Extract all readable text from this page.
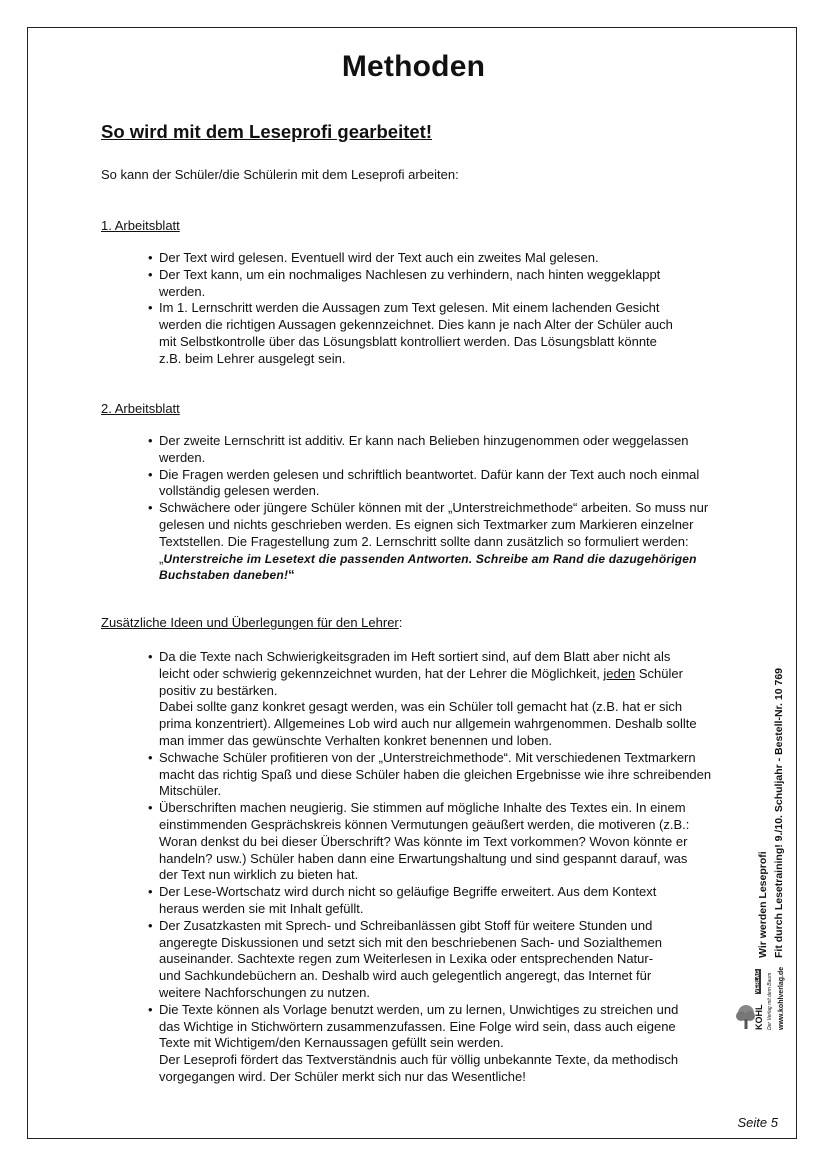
Methoden
So wird mit dem Leseprofi gearbeitet!
So kann der Schüler/die Schülerin mit dem Leseprofi arbeiten:
1. Arbeitsblatt
• Der Text wird gelesen. Eventuell wird der Text auch ein zweites Mal gelesen.
• Der Text kann, um ein nochmaliges Nachlesen zu verhindern, nach hinten weggeklappt
werden.
• Im 1. Lernschritt werden die Aussagen zum Text gelesen. Mit einem lachenden Gesicht
werden die richtigen Aussagen gekennzeichnet. Dies kann je nach Alter der Schüler auch
mit Selbstkontrolle über das Lösungsblatt kontrolliert werden. Das Lösungsblatt könnte
z.B. beim Lehrer ausgelegt sein.
2. Arbeitsblatt
• Der zweite Lernschritt ist additiv. Er kann nach Belieben hinzugenommen oder weggelassen
werden.
• Die Fragen werden gelesen und schriftlich beantwortet. Dafür kann der Text auch noch einmal
vollständig gelesen werden.
• Schwächere oder jüngere Schüler können mit der „Unterstreichmethode“ arbeiten. So muss nur
gelesen und nichts geschrieben werden. Es eignen sich Textmarker zum Markieren einzelner
Textstellen. Die Fragestellung zum 2. Lernschritt sollte dann zusätzlich so formuliert werden:
„Unterstreiche im Lesetext die passenden Antworten. Schreibe am Rand die dazugehörigen
Buchstaben daneben!“
Zusätzliche Ideen und Überlegungen für den Lehrer:
• Da die Texte nach Schwierigkeitsgraden im Heft sortiert sind, auf dem Blatt aber nicht als
leicht oder schwierig gekennzeichnet wurden, hat der Lehrer die Möglichkeit, jeden Schüler
positiv zu bestärken.
Dabei sollte ganz konkret gesagt werden, was ein Schüler toll gemacht hat (z.B. hat er sich
prima konzentriert). Allgemeines Lob wird auch nur allgemein wahrgenommen. Deshalb sollte
man immer das gewünschte Verhalten konkret benennen und loben.
• Schwache Schüler profitieren von der „Unterstreichmethode“. Mit verschiedenen Textmarkern
macht das richtig Spaß und diese Schüler haben die gleichen Ergebnisse wie ihre schreibenden
Mitschüler.
• Überschriften machen neugierig. Sie stimmen auf mögliche Inhalte des Textes ein. In einem
einstimmenden Gesprächskreis können Vermutungen geäußert werden, die motiveren (z.B.:
Woran denkst du bei dieser Überschrift? Was könnte im Text vorkommen? Wovon könnte er
handeln? usw.) Schüler haben dann eine Erwartungshaltung und sind gespannt darauf, was
der Text nun wirklich zu bieten hat.
• Der Lese-Wortschatz wird durch nicht so geläufige Begriffe erweitert. Aus dem Kontext
heraus werden sie mit Inhalt gefüllt.
• Der Zusatzkasten mit Sprech- und Schreibanlässen gibt Stoff für weitere Stunden und
angeregte Diskussionen und setzt sich mit den beschriebenen Sach- und Sozialthemen
auseinander. Sachtexte regen zum Weiterlesen in Lexika oder entsprechenden Natur-
und Sachkundebüchern an. Deshalb wird auch gelegentlich angeregt, das Internet für
weitere Nachforschungen zu nutzen.
• Die Texte können als Vorlage benutzt werden, um zu lernen, Unwichtiges zu streichen und
das Wichtige in Stichwörtern zusammenzufassen. Eine Folge wird sein, dass auch eigene
Texte mit Wichtigem/den Kernaussagen gefüllt sein werden.
Der Leseprofi fördert das Textverständnis auch für völlig unbekannte Texte, da methodisch
vorgegangen wird. Der Schüler merkt sich nur das Wesentliche!
Wir werden Leseprofi Fit durch Lesetraining! 9./10. Schuljahr - Bestell-Nr. 10 769
KOHL
VERLAG Der Verlag mit dem Baum www.kohlverlag.de
Seite 5
